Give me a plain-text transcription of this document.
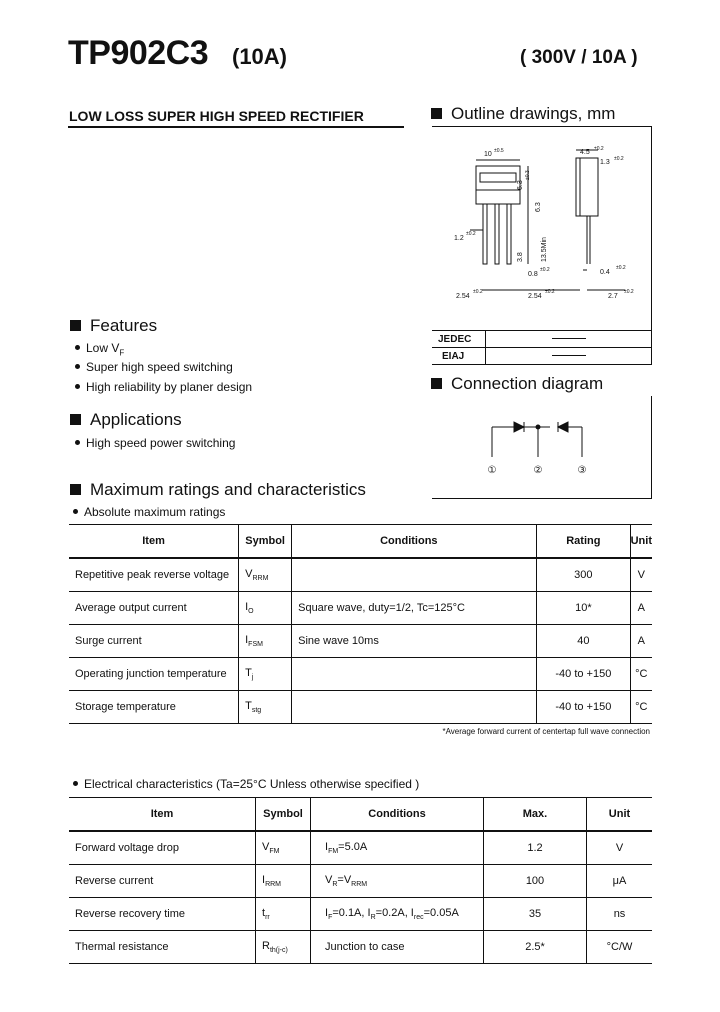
TP902C3 (10A)	( 300V / 10A )
LOW LOSS SUPER HIGH SPEED RECTIFIER	Outline drawings, mm
10 ±0.5
6.3
±0.3
6.3
1.2
±0.2
3.8 13.5Min
0.8
±0.2
2.54
±0.2
2.54
±0.2
4.5 ±0.2
1.3 ±0.2
0.4
±0.2
2.7
±0.2
JEDEC	
EIAJ	
Features
Low $V_F$
Super high speed switching
High reliability by planer design
Applications
High speed power switching
Connection diagram
①	②	③
Maximum ratings and characteristics
Absolute maximum ratings
Item	Symbol	Conditions	Rating	Unit
Repetitive peak reverse voltage	$V_{RRM}$		300	V
Average output current	$I_O$	Square wave, duty=1/2, Tc=125°C	10*	A
Surge current	$I_{FSM}$	Sine wave 10ms	40	A
Operating junction temperature	$T_j$		-40 to +150	°C
Storage temperature	$T_{stg}$		-40 to +150	°C
*Average forward current of centertap full wave connection
Electrical characteristics (Ta=25°C Unless otherwise specified )
Item	Symbol	Conditions	Max.	Unit
Forward voltage drop	$V_{FM}$	$I_{FM}=5.0A$	1.2	V
Reverse current	$I_{RRM}$	$V_R=V_{RRM}$	100	μA
Reverse recovery time	$t_{rr}$	$I_F=0.1A$, $I_R=0.2A$, $I_{rec}=0.05A$	35	ns
Thermal resistance	$R_{th(j-c)}$	Junction to case	2.5*	°C/W
